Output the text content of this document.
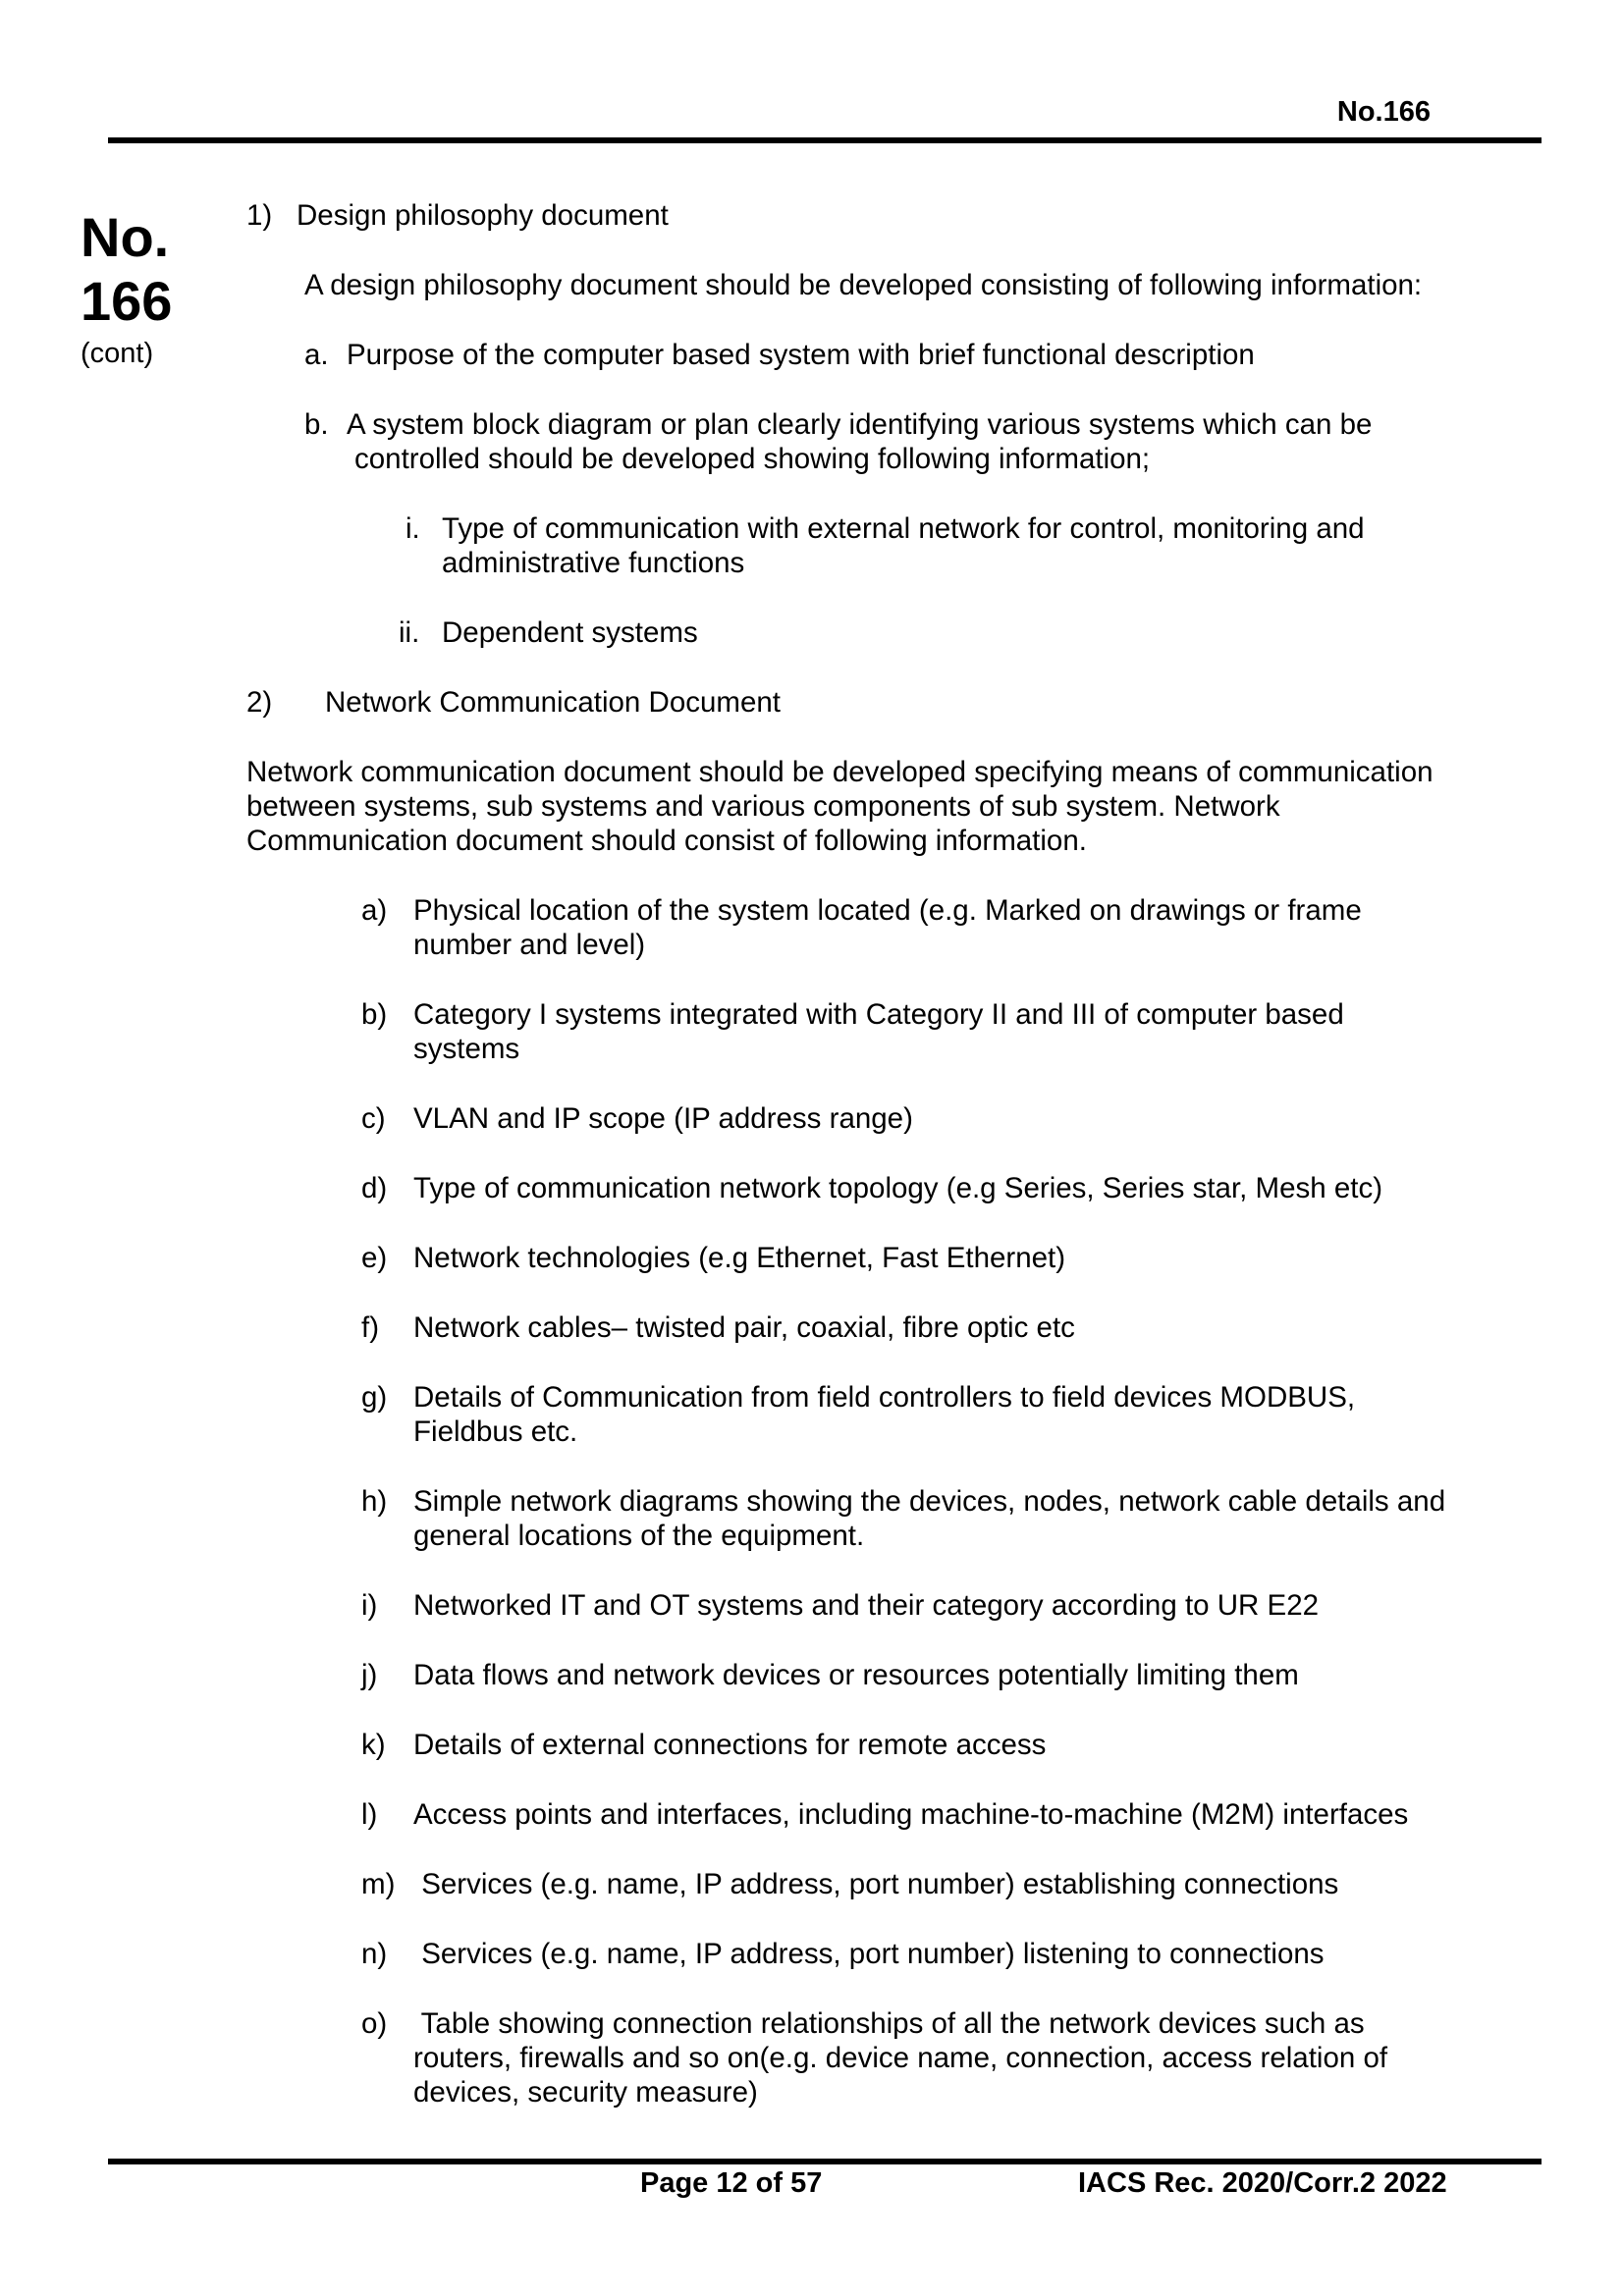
No.166
No.
166
(cont)
1) Design philosophy document
A design philosophy document should be developed consisting of following information:
a. Purpose of the computer based system with brief functional description
b. A system block diagram or plan clearly identifying various systems which can be
controlled should be developed showing following information;
i. Type of communication with external network for control, monitoring and
administrative functions
ii. Dependent systems
2) Network Communication Document
Network communication document should be developed specifying means of communication
between systems, sub systems and various components of sub system. Network
Communication document should consist of following information.
a) Physical location of the system located (e.g. Marked on drawings or frame
number and level)
b) Category I systems integrated with Category II and III of computer based
systems
c) VLAN and IP scope (IP address range)
d) Type of communication network topology (e.g Series, Series star, Mesh etc)
e) Network technologies (e.g Ethernet, Fast Ethernet)
f) Network cables– twisted pair, coaxial, fibre optic etc
g) Details of Communication from field controllers to field devices MODBUS,
Fieldbus etc.
h) Simple network diagrams showing the devices, nodes, network cable details and
general locations of the equipment.
i) Networked IT and OT systems and their category according to UR E22
j) Data flows and network devices or resources potentially limiting them
k) Details of external connections for remote access
l) Access points and interfaces, including machine-to-machine (M2M) interfaces
m) Services (e.g. name, IP address, port number) establishing connections
n) Services (e.g. name, IP address, port number) listening to connections
o) Table showing connection relationships of all the network devices such as
routers, firewalls and so on(e.g. device name, connection, access relation of
devices, security measure)
Page 12 of 57	IACS Rec. 2020/Corr.2 2022
